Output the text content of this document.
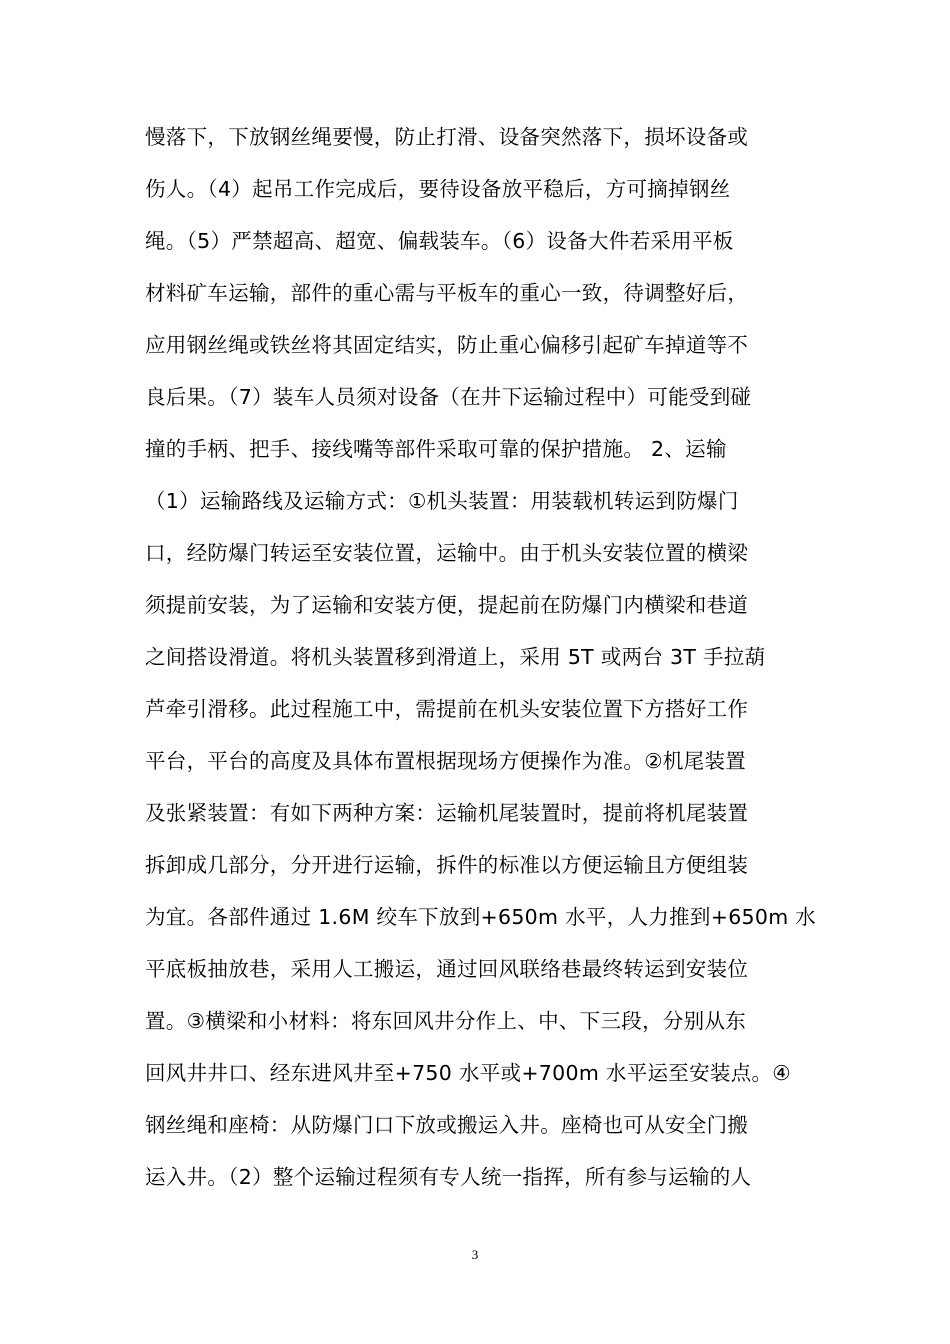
慢落下，下放钢丝绳要慢，防止打滑、设备突然落下，损坏设备或
伤人。（4）起吊工作完成后，要待设备放平稳后，方可摘掉钢丝
绳。（5）严禁超高、超宽、偏载装车。（6）设备大件若采用平板
材料矿车运输，部件的重心需与平板车的重心一致，待调整好后，
应用钢丝绳或铁丝将其固定结实，防止重心偏移引起矿车掉道等不
良后果。（7）装车人员须对设备（在井下运输过程中）可能受到碰
撞的手柄、把手、接线嘴等部件采取可靠的保护措施。 2、运输
（1）运输路线及运输方式：①机头装置：用装载机转运到防爆门
口，经防爆门转运至安装位置，运输中。由于机头安装位置的横梁
须提前安装，为了运输和安装方便，提起前在防爆门内横梁和巷道
之间搭设滑道。将机头装置移到滑道上，采用 5T 或两台 3T 手拉葫
芦牵引滑移。此过程施工中，需提前在机头安装位置下方搭好工作
平台，平台的高度及具体布置根据现场方便操作为准。②机尾装置
及张紧装置：有如下两种方案：运输机尾装置时，提前将机尾装置
拆卸成几部分，分开进行运输，拆件的标准以方便运输且方便组装
为宜。各部件通过 1.6M 绞车下放到+650m 水平，人力推到+650m 水
平底板抽放巷，采用人工搬运，通过回风联络巷最终转运到安装位
置。③横梁和小材料：将东回风井分作上、中、下三段，分别从东
回风井井口、经东进风井至+750 水平或+700m 水平运至安装点。④
钢丝绳和座椅：从防爆门口下放或搬运入井。座椅也可从安全门搬
运入井。（2）整个运输过程须有专人统一指挥，所有参与运输的人
3
